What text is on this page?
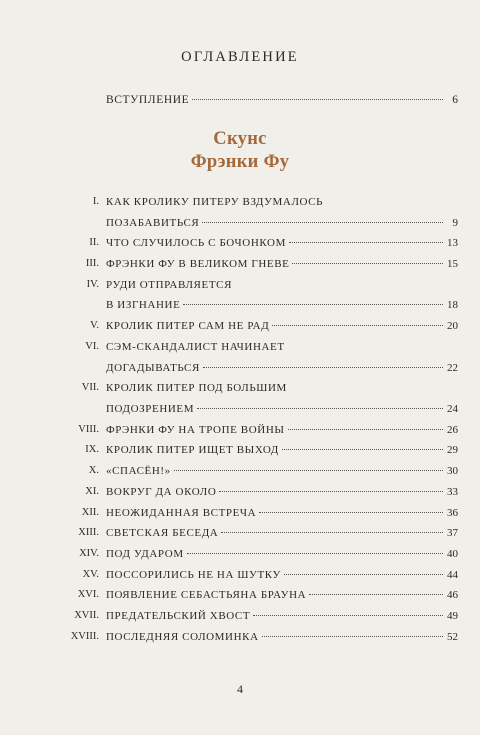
ОГЛАВЛЕНИЕ
ВСТУПЛЕНИЕ	6
Скунс
Фрэнки Фу
I. КАК КРОЛИКУ ПИТЕРУ ВЗДУМАЛОСЬ
ПОЗАБАВИТЬСЯ	9
II. ЧТО СЛУЧИЛОСЬ С БОЧОНКОМ	13
III. ФРЭНКИ ФУ В ВЕЛИКОМ ГНЕВЕ	15
IV. РУДИ ОТПРАВЛЯЕТСЯ
В ИЗГНАНИЕ	18
V. КРОЛИК ПИТЕР САМ НЕ РАД	20
VI. СЭМ-СКАНДАЛИСТ НАЧИНАЕТ
ДОГАДЫВАТЬСЯ	22
VII. КРОЛИК ПИТЕР ПОД БОЛЬШИМ
ПОДОЗРЕНИЕМ	24
VIII. ФРЭНКИ ФУ НА ТРОПЕ ВОЙНЫ	26
IX. КРОЛИК ПИТЕР ИЩЕТ ВЫХОД	29
X. «СПАСЁН!»	30
XI. ВОКРУГ ДА ОКОЛО	33
XII. НЕОЖИДАННАЯ ВСТРЕЧА	36
XIII. СВЕТСКАЯ БЕСЕДА	37
XIV. ПОД УДАРОМ	40
XV. ПОССОРИЛИСЬ НЕ НА ШУТКУ	44
XVI. ПОЯВЛЕНИЕ СЕБАСТЬЯНА БРАУНА	46
XVII. ПРЕДАТЕЛЬСКИЙ ХВОСТ	49
XVIII. ПОСЛЕДНЯЯ СОЛОМИНКА	52
4
